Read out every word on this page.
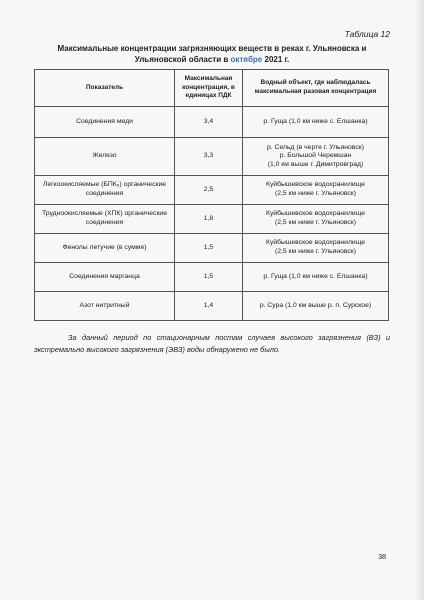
Таблица 12
Максимальные концентрации загрязняющих веществ в реках г. Ульяновска и Ульяновской области в октябре 2021 г.
Показатель	Максимальная концентрация, в единицах ПДК	Водный объект, где наблюдалась максимальная разовая концентрация
Соединения меди	3,4	р. Гуща (1,0 км ниже с. Елшанка)
Железо	3,3	р. Сельд (в черте г. Ульяновск)
р. Большой Черемшан
(1,0 км выше г. Димитровград)
Легкоокисляемые (БПК₅) органические соединения	2,5	Куйбышевское водохранилище
(2,5 км ниже г. Ульяновск)
Трудноокисляемые (ХПК) органические соединения	1,8	Куйбышевское водохранилище
(2,5 км ниже г. Ульяновск)
Фенолы летучие (в сумме)	1,5	Куйбышевское водохранилище
(2,5 км ниже г. Ульяновск)
Соединения марганца	1,5	р. Гуща (1,0 км ниже с. Елшанка)
Азот нитритный	1,4	р. Сура (1,0 км выше р. п. Сурское)
За данный период по стационарным постам случаев высокого загрязнения (ВЗ) и экстремально высокого загрязнения (ЭВЗ) воды обнаружено не было.
38
